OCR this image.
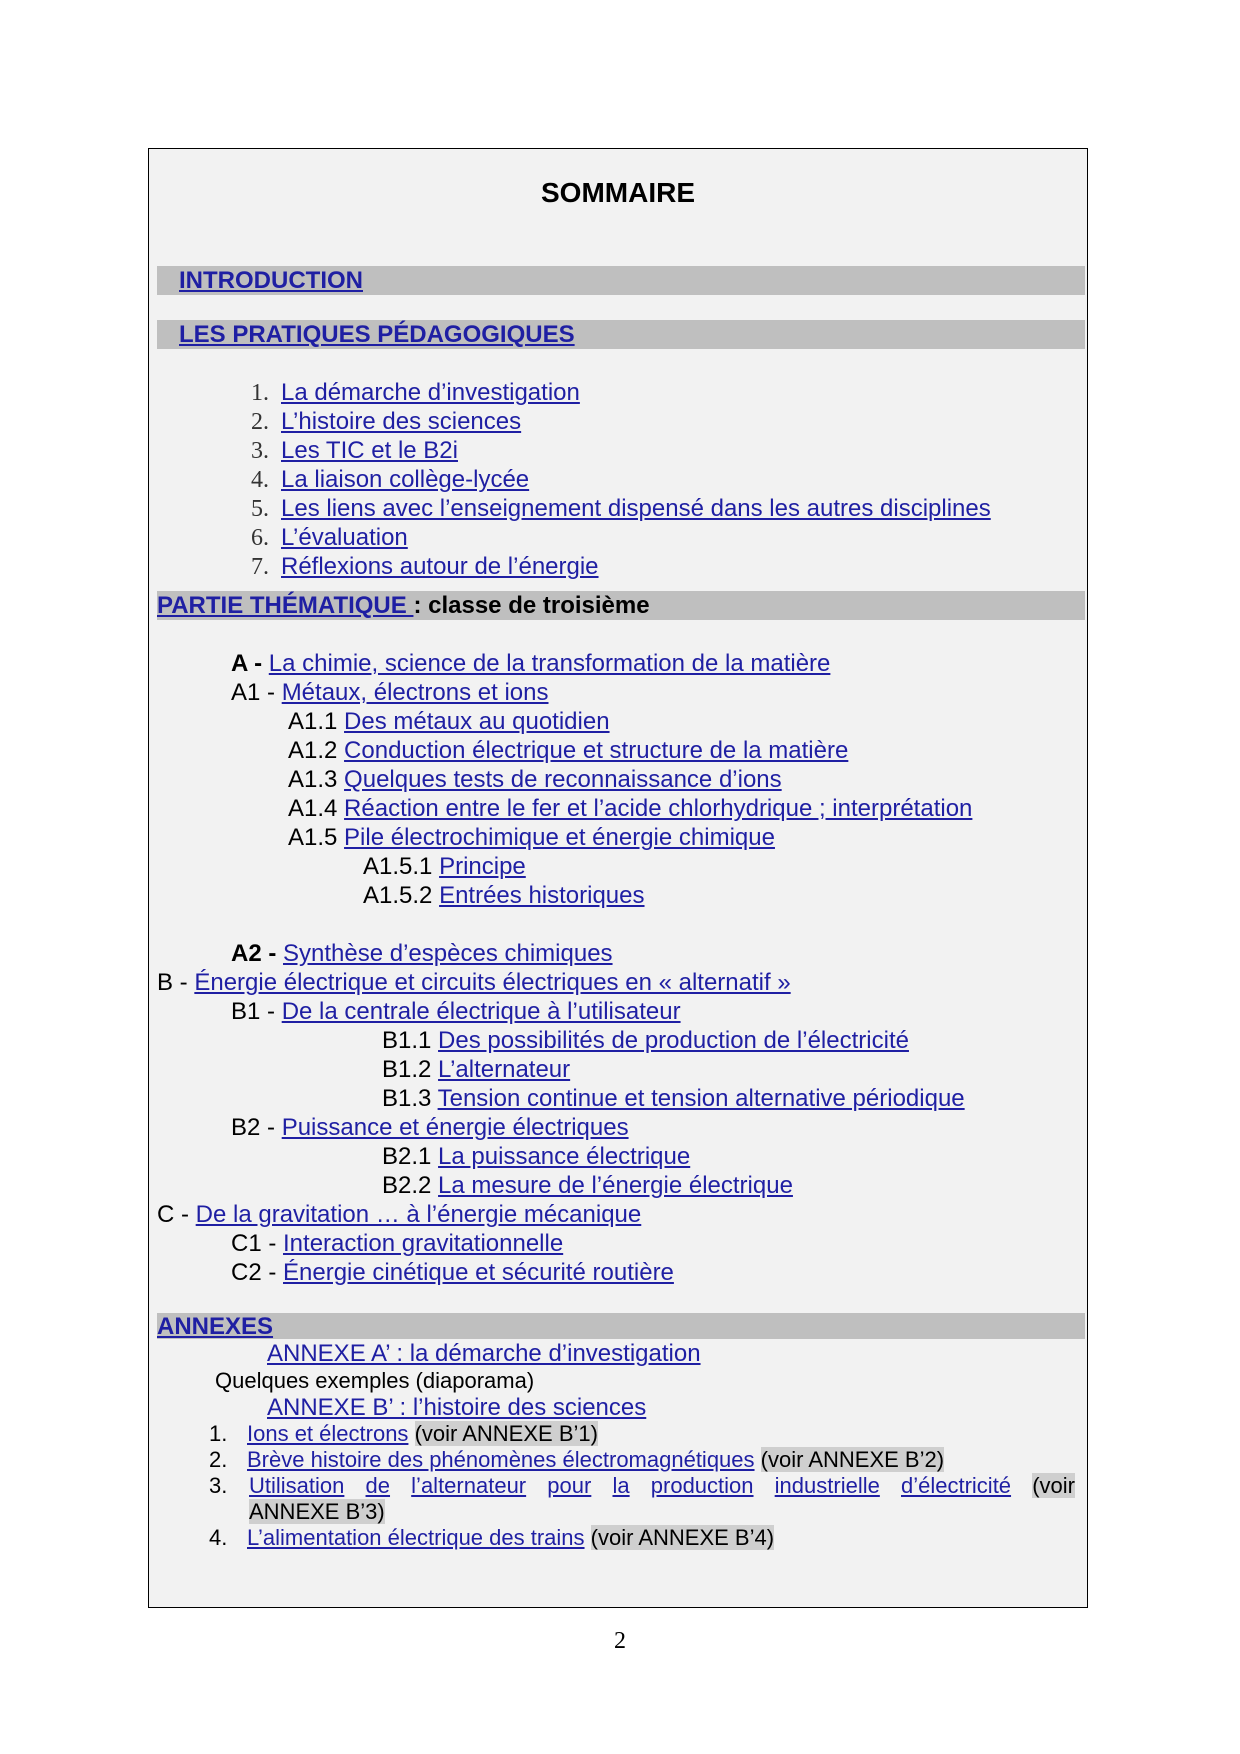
SOMMAIRE
INTRODUCTION
LES PRATIQUES PÉDAGOGIQUES
1. La démarche d’investigation
2. L’histoire des sciences
3. Les TIC et le B2i
4. La liaison collège-lycée
5. Les liens avec l’enseignement dispensé dans les autres disciplines
6. L’évaluation
7. Réflexions autour de l’énergie
PARTIE THÉMATIQUE : classe de troisième
A - La chimie, science de la transformation de la matière
A1 - Métaux, électrons et ions
A1.1 Des métaux au quotidien
A1.2 Conduction électrique et structure de la matière
A1.3 Quelques tests de reconnaissance d’ions
A1.4 Réaction entre le fer et l’acide chlorhydrique ; interprétation
A1.5 Pile électrochimique et énergie chimique
A1.5.1 Principe
A1.5.2 Entrées historiques
A2 - Synthèse d’espèces chimiques
B - Énergie électrique et circuits électriques en « alternatif »
B1 - De la centrale électrique à l’utilisateur
B1.1 Des possibilités de production de l’électricité
B1.2 L’alternateur
B1.3 Tension continue et tension alternative périodique
B2 - Puissance et énergie électriques
B2.1 La puissance électrique
B2.2 La mesure de l’énergie électrique
C - De la gravitation … à l’énergie mécanique
C1 - Interaction gravitationnelle
C2 - Énergie cinétique et sécurité routière
ANNEXES
ANNEXE A’ : la démarche d’investigation
Quelques exemples (diaporama)
ANNEXE B’ : l’histoire des sciences
1. Ions et électrons (voir ANNEXE B’1)
2. Brève histoire des phénomènes électromagnétiques (voir ANNEXE B’2)
3. Utilisation de l’alternateur pour la production industrielle d’électricité (voir
ANNEXE B’3)
4. L’alimentation électrique des trains (voir ANNEXE B’4)
2
